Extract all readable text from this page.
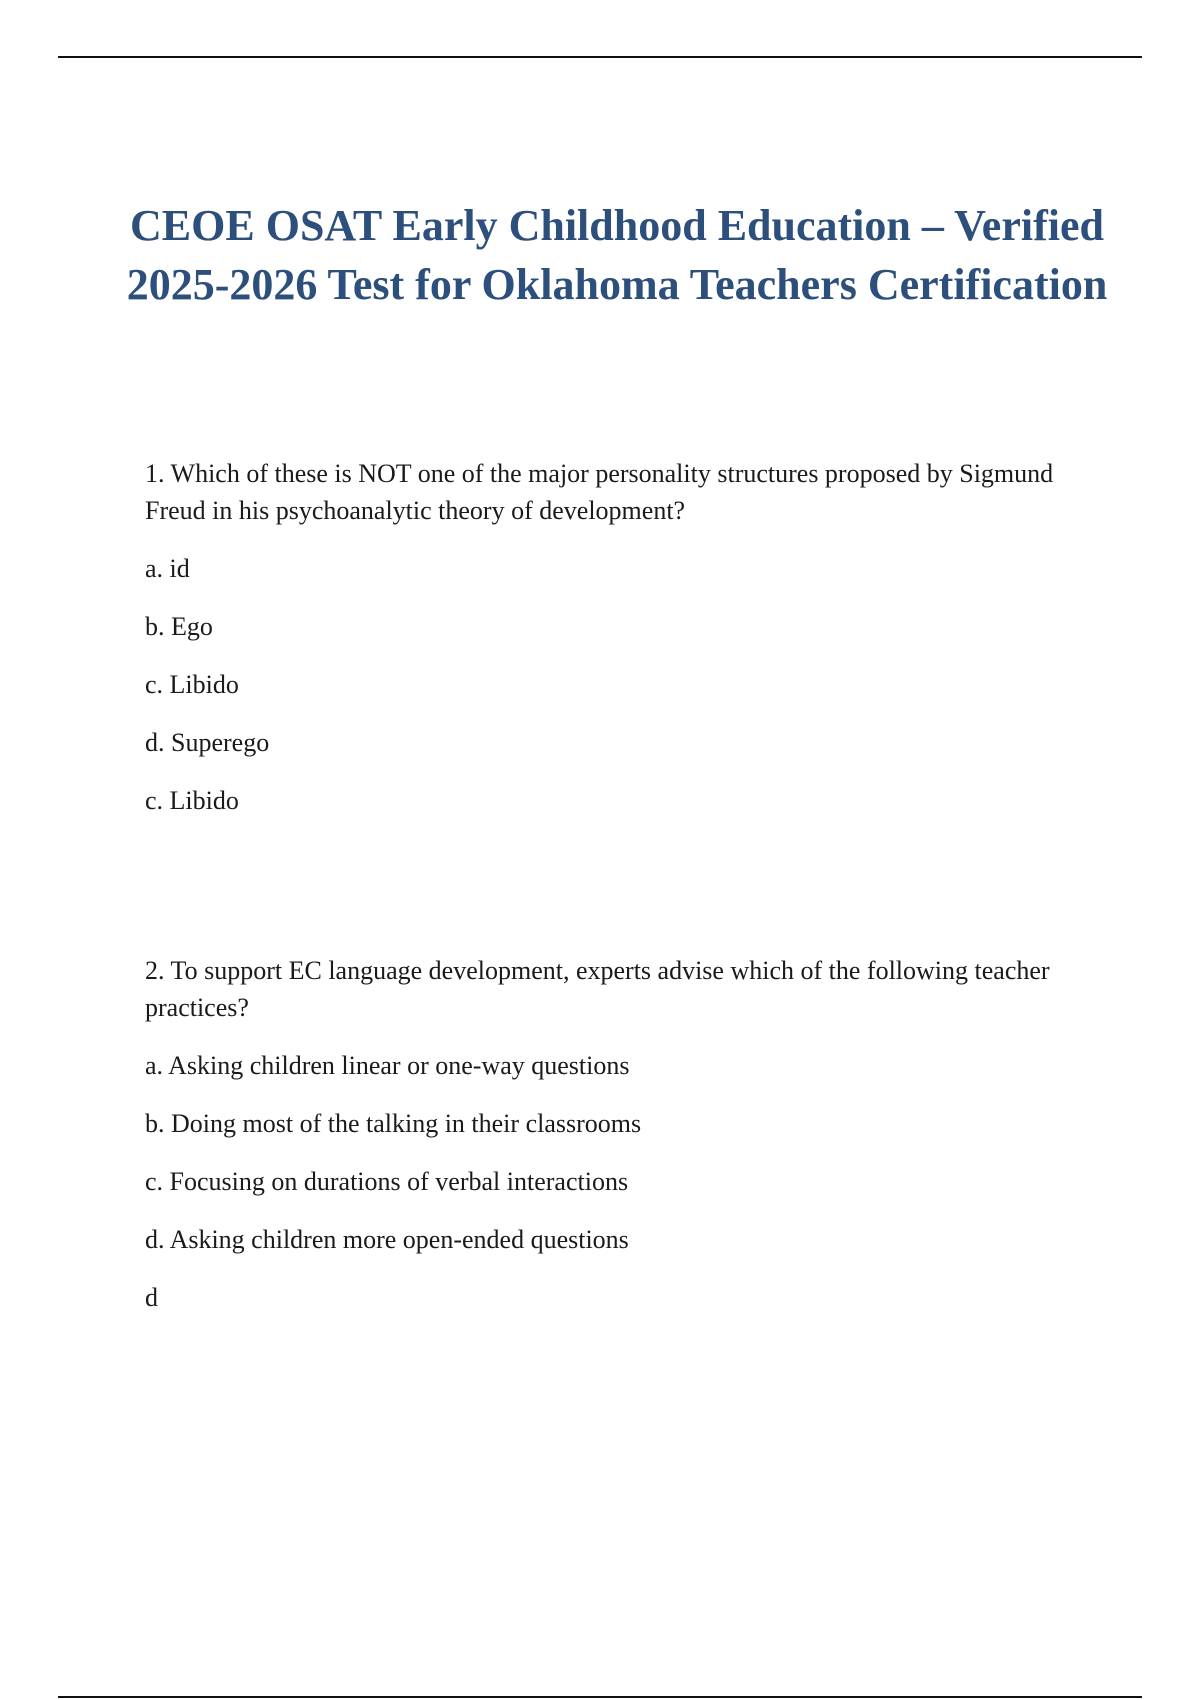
CEOE OSAT Early Childhood Education – Verified 2025-2026 Test for Oklahoma Teachers Certification

1. Which of these is NOT one of the major personality structures proposed by Sigmund Freud in his psychoanalytic theory of development?

a. id
b. Ego
c. Libido
d. Superego

c. Libido

2. To support EC language development, experts advise which of the following teacher practices?

a. Asking children linear or one-way questions
b. Doing most of the talking in their classrooms
c. Focusing on durations of verbal interactions
d. Asking children more open-ended questions

d
